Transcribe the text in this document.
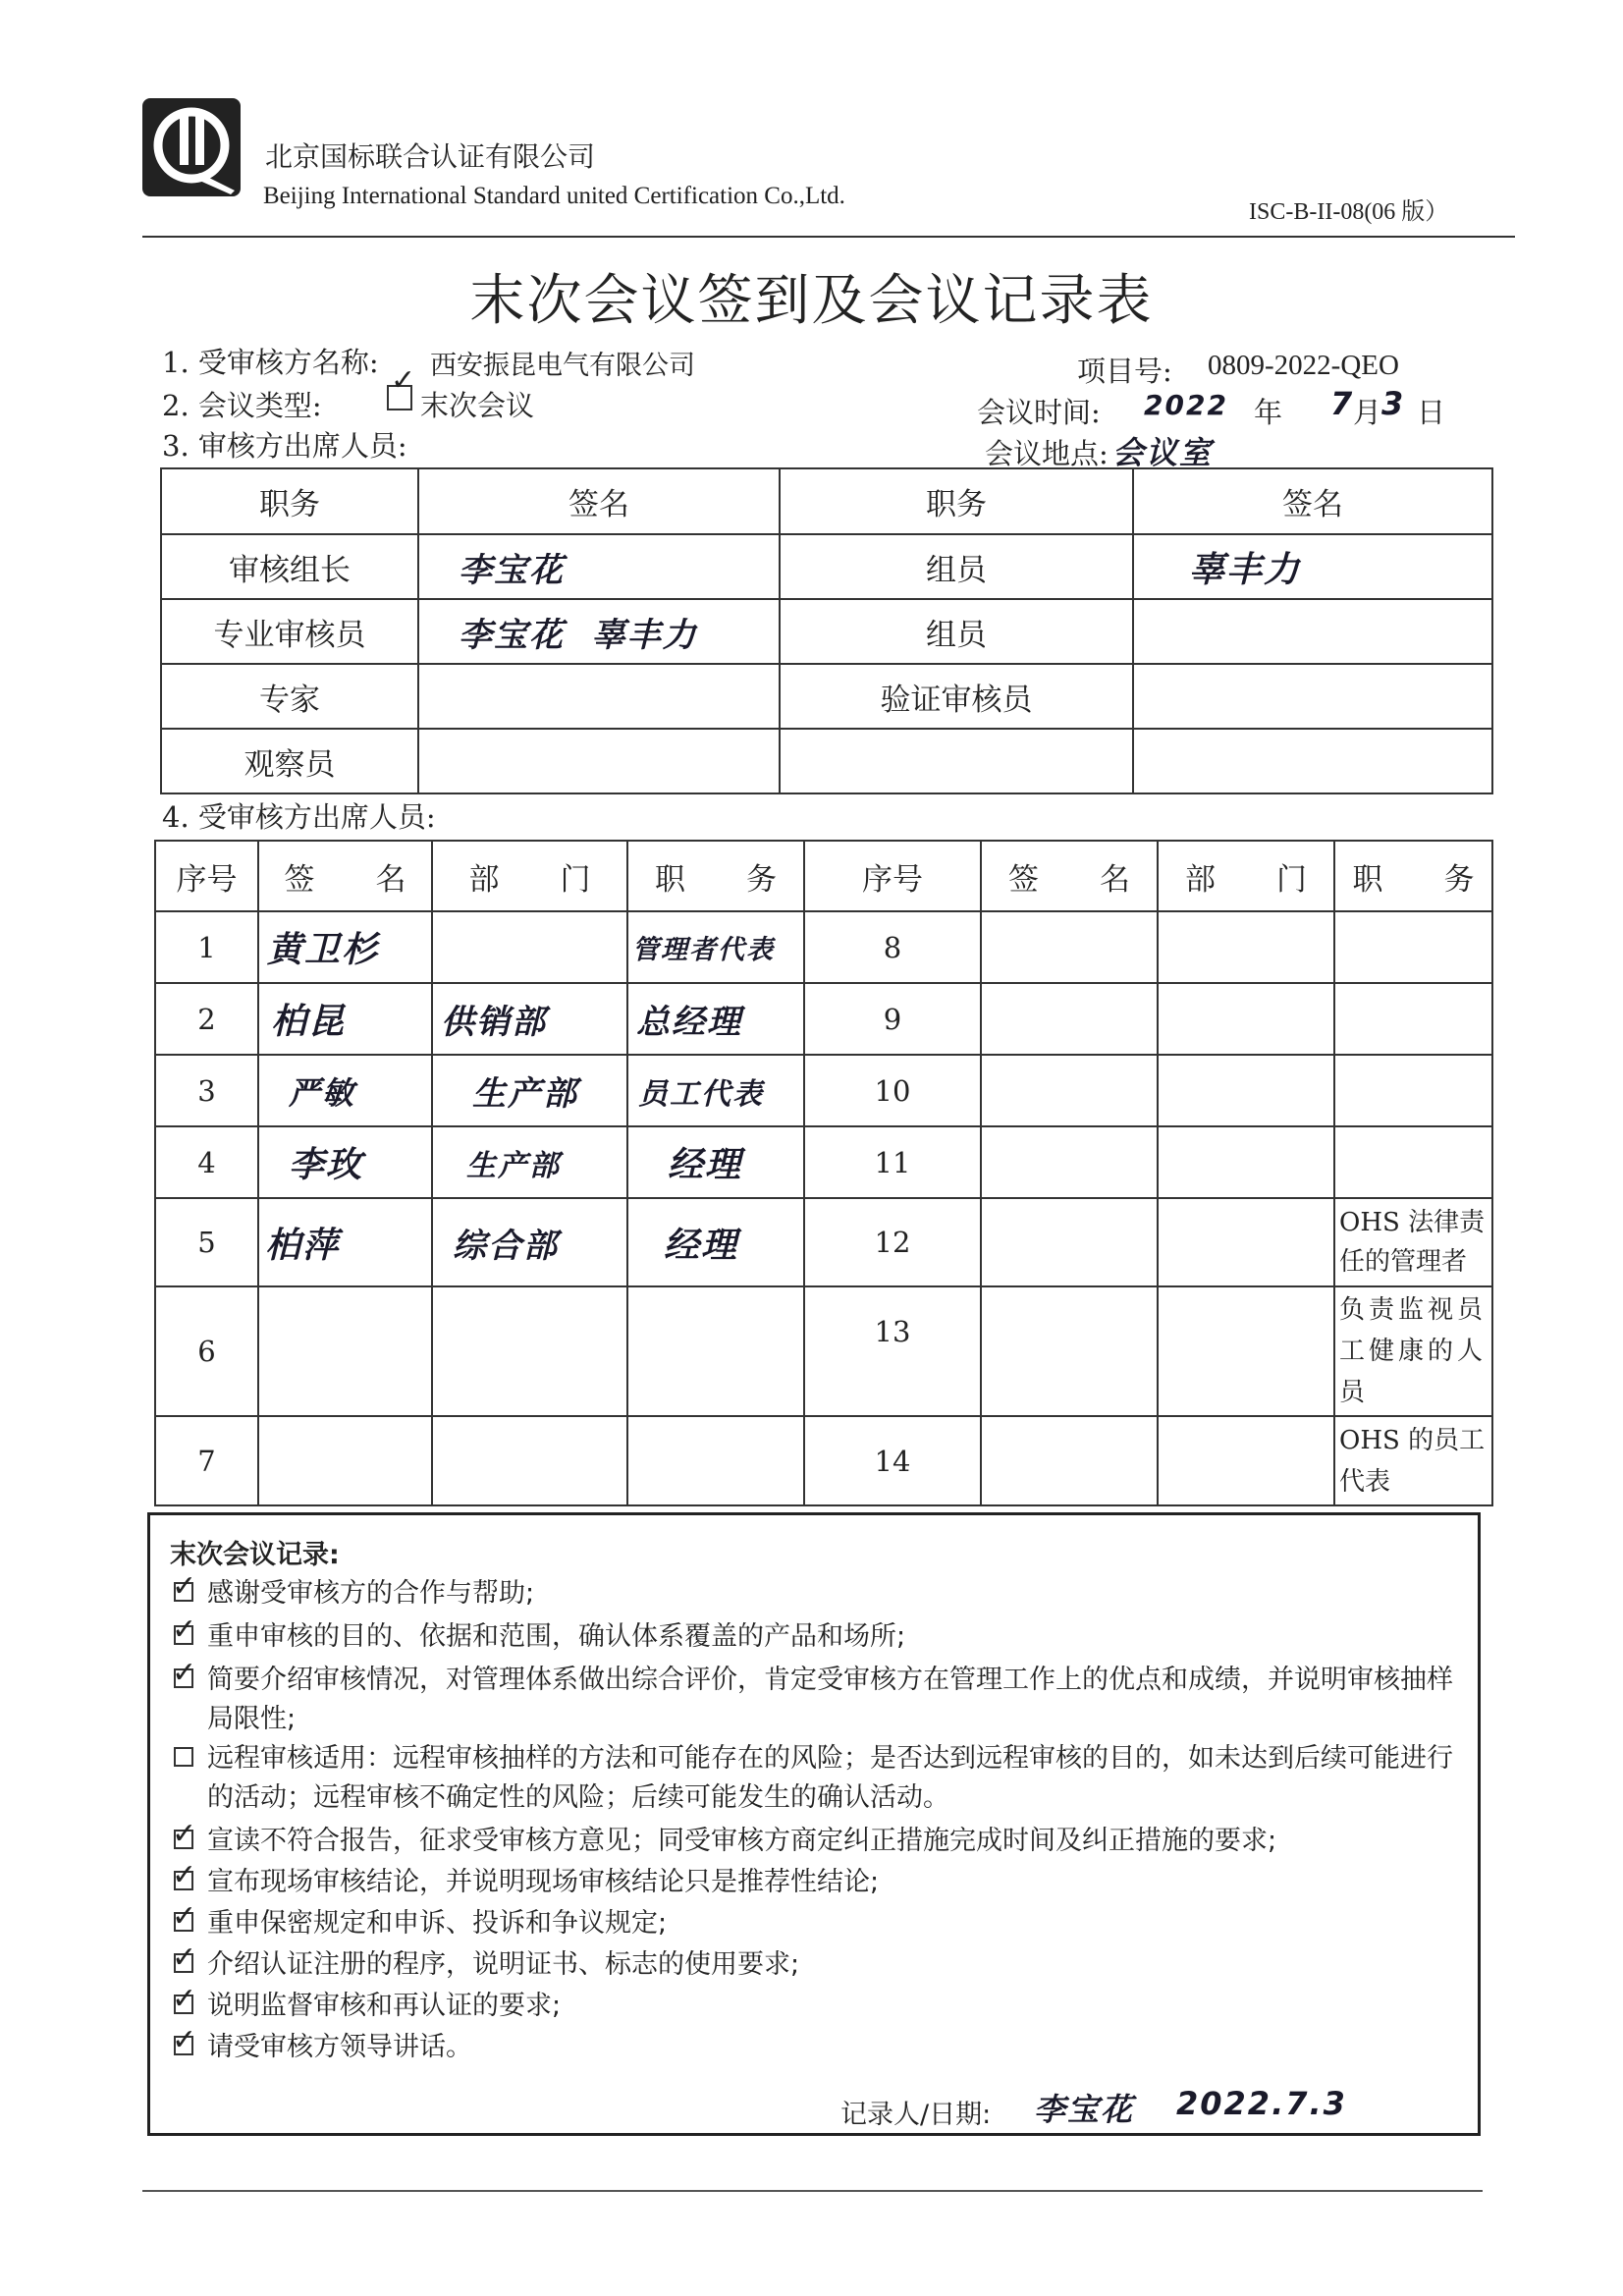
北京国标联合认证有限公司
Beijing International Standard united Certification Co.,Ltd.
ISC-B-II-08(06 版）
末次会议签到及会议记录表
1. 受审核方名称: 西安振昆电气有限公司	项目号: 0809-2022-QEO
2. 会议类型:
✓
末次会议	会议时间: 2022 年 7
月 3 日
3. 审核方出席人员:	会议地点: 会议室
职务	签名	职务	签名
审核组长	李宝花	组员	辜丰力
专业审核员	李宝花  辜丰力	组员	
专家		验证审核员	
观察员			
4. 受审核方出席人员:
序号	签　　名	部　　门	职　　务	序号	签　　名	部　　门	职　　务
1	黄卫杉		管理者代表	8			
2	柏昆	供销部	总经理	9			
3	严敏	生产部	员工代表	10			
4	李玫	生产部	经理	11			
5	柏萍	综合部	经理	12			OHS 法律责任的管理者
6				13			负责监视员工健康的人员
7				14			OHS 的员工代表
末次会议记录:
✓ 感谢受审核方的合作与帮助;
✓ 重申审核的目的、依据和范围，确认体系覆盖的产品和场所;
✓ 简要介绍审核情况，对管理体系做出综合评价，肯定受审核方在管理工作上的优点和成绩，并说明审核抽样局限性;
远程审核适用：远程审核抽样的方法和可能存在的风险；是否达到远程审核的目的，如未达到后续可能进行的活动；远程审核不确定性的风险；后续可能发生的确认活动。
✓ 宣读不符合报告，征求受审核方意见；同受审核方商定纠正措施完成时间及纠正措施的要求;
✓ 宣布现场审核结论，并说明现场审核结论只是推荐性结论;
✓ 重申保密规定和申诉、投诉和争议规定;
✓ 介绍认证注册的程序，说明证书、标志的使用要求;
✓ 说明监督审核和再认证的要求;
✓ 请受审核方领导讲话。
记录人/日期: 李宝花 2022.7.3
